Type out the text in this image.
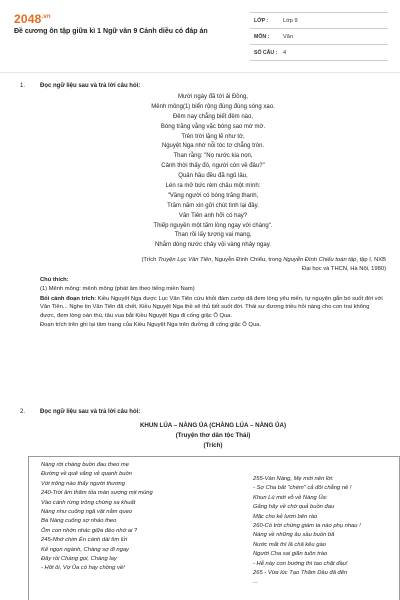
$2048^{.vn}$
Đề cương ôn tập giữa kì 1 Ngữ văn 9 Cánh diều có đáp án
LỚP :	Lớp 9
MÔN :	Văn
SỐ CÂU :	4
1. Đọc ngữ liệu sau và trả lời câu hỏi:
Mười ngày đã tới ải Đồng,
Mênh mông(1) biển rộng đùng đùng sóng xao.
Đêm nay chẳng biết đêm nào,
Bóng trăng vằng vặc bóng sao mờ mờ.
Trên trời lặng lẽ như tờ,
Nguyệt Nga nhớ nỗi tóc tơ chẳng tròn.
Than rằng: "Nọ nước kia non,
Cảnh thời thấy đó, người còn về đâu?"
Quân hầu đều đã ngủ lâu,
Lén ra mở bức rèm châu một mình:
"Vầng người có bóng trăng thanh,
Trăm năm xin gửi chút tình lại đây.
Vân Tiên anh hỡi có hay?
Thiếp nguyền một tấm lòng ngay với chàng".
Than rồi lấy tượng vai mang,
Nhắm dòng nước chảy vội vàng nhảy ngay.
(Trích Truyện Lục Vân Tiên, Nguyễn Đình Chiểu, trong Nguyễn Đình Chiểu toàn tập, tập I, NXB
Đại học và THCN, Hà Nội, 1980)
Chú thích:
(1) Mênh mông: mênh mông (phát âm theo tiếng miền Nam)
Bối cảnh đoạn trích: Kiều Nguyệt Nga được Lục Vân Tiên cứu khỏi đám cướp dã đem lòng yêu mến, tự nguyện gắn bó suốt đời với Vân Tiên... Nghe tin Vân Tiên đã chết, Kiều Nguyệt Nga thề sẽ thủ tiết suốt đời. Thái sư đương triều hỏi nàng cho con trai không được, đem lòng oán thù, tâu vua bắt Kiều Nguyệt Nga đi cống giặc Ô Qua.
Đoạn trích trên ghi lại tâm trạng của Kiều Nguyệt Nga trên đường đi cống giặc Ô Qua.
2. Đọc ngữ liệu sau và trả lời câu hỏi:
KHUN LÚA – NÀNG ỦA (CHÀNG LÚA – NÀNG ỦA)
(Truyện thơ dân tộc Thái)
(Trích)
Nàng rời chàng buồn đau theo mẹ
Đường về quê vắng vẻ quạnh buồn
Với trông nào thấy người thương
240-Trời âm thăm tỏa màn sương mịt mùng
Vào cánh rừng trông chừng xa khuất
Nàng như cuống ngã vật nằm queo
Bà Nàng cuống sợ nháo theo
Ôm con nhớn nhác giữa đèo nhớ ai ?
245-Nhớ chim Én cánh dài tìm lửi
Kể ngọn ngành, Chàng sợ đi ngay
Đây rồi Chàng gọi, Chàng lay
- Hỡi ôi, Vợ Ủa có hay chồng về!
255-Vàn Nàng, Mẹ mới nên lời:
- Sợ Cha bắt "chém" cả đôi chẳng nề !
Khun Lú mới vỗ về Nàng Ủa:
Gắng hãy về chờ quả buồn đau
Mặc cho kẻ lươn bên rào
260-Có trời chứng giám ta nào phụ nhau !
Nàng về những âu sầu buồn bã
Nước mắt thì lã chã kêu gào
Người Cha sai giăn tuôn trào
- Hễ này con bướng thì tao chặt đầu!
265 - Vừa lúc Tạo Thăm Dầu đã đến
...
